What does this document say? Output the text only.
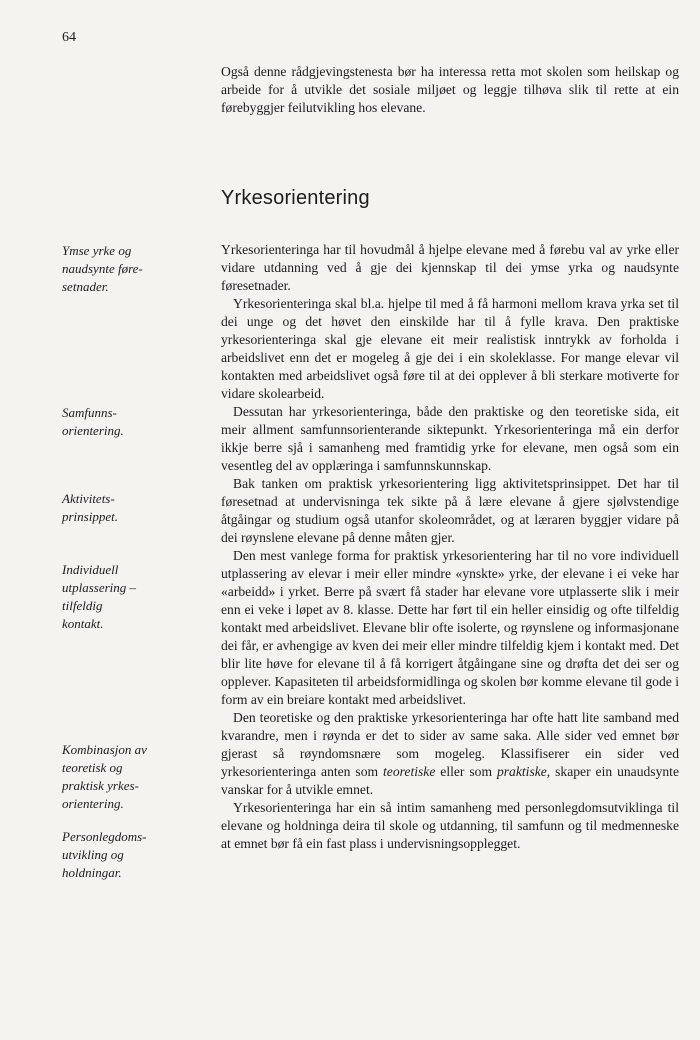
64

Også denne rådgjevingstenesta bør ha interessa retta mot skolen som heilskap og arbeide for å utvikle det sosiale miljøet og leggje tilhøva slik til rette at ein førebyggjer feilutvikling hos elevane.

Yrkesorientering

Ymse yrke og
naudsynte føre-
setnader.

Samfunns-
orientering.

Aktivitets-
prinsippet.

Individuell
utplassering –
tilfeldig
kontakt.

Kombinasjon av
teoretisk og
praktisk yrkes-
orientering.

Personlegdoms-
utvikling og
holdningar.

Yrkesorienteringa har til hovudmål å hjelpe elevane med å førebu val av yrke eller vidare utdanning ved å gje dei kjennskap til dei ymse yrka og naudsynte føresetnader.

Yrkesorienteringa skal bl.a. hjelpe til med å få harmoni mellom krava yrka set til dei unge og det høvet den einskilde har til å fylle krava. Den praktiske yrkesorienteringa skal gje elevane eit meir realistisk inntrykk av forholda i arbeidslivet enn det er mogeleg å gje dei i ein skoleklasse. For mange elevar vil kontakten med arbeidslivet også føre til at dei opplever å bli sterkare motiverte for vidare skolearbeid.

Dessutan har yrkesorienteringa, både den praktiske og den teoretiske sida, eit meir allment samfunnsorienterande siktepunkt. Yrkesorienteringa må ein derfor ikkje berre sjå i samanheng med framtidig yrke for elevane, men også som ein vesentleg del av opplæringa i samfunnskunnskap.

Bak tanken om praktisk yrkesorientering ligg aktivitetsprinsippet. Det har til føresetnad at undervisninga tek sikte på å lære elevane å gjere sjølvstendige åtgåingar og studium også utanfor skoleområdet, og at læraren byggjer vidare på dei røynslene elevane på denne måten gjer.

Den mest vanlege forma for praktisk yrkesorientering har til no vore individuell utplassering av elevar i meir eller mindre «ynskte» yrke, der elevane i ei veke har «arbeidd» i yrket. Berre på svært få stader har elevane vore utplasserte slik i meir enn ei veke i løpet av 8. klasse. Dette har ført til ein heller einsidig og ofte tilfeldig kontakt med arbeidslivet. Elevane blir ofte isolerte, og røynslene og informasjonane dei får, er avhengige av kven dei meir eller mindre tilfeldig kjem i kontakt med. Det blir lite høve for elevane til å få korrigert åtgåingane sine og drøfta det dei ser og opplever. Kapasiteten til arbeidsformidlinga og skolen bør komme elevane til gode i form av ein breiare kontakt med arbeidslivet.

Den teoretiske og den praktiske yrkesorienteringa har ofte hatt lite samband med kvarandre, men i røynda er det to sider av same saka. Alle sider ved emnet bør gjerast så røyndomsnære som mogeleg. Klassifiserer ein sider ved yrkesorienteringa anten som teoretiske eller som praktiske, skaper ein unaudsynte vanskar for å utvikle emnet.

Yrkesorienteringa har ein så intim samanheng med personlegdomsutviklinga til elevane og holdninga deira til skole og utdanning, til samfunn og til medmenneske at emnet bør få ein fast plass i undervisningsopplegget.
